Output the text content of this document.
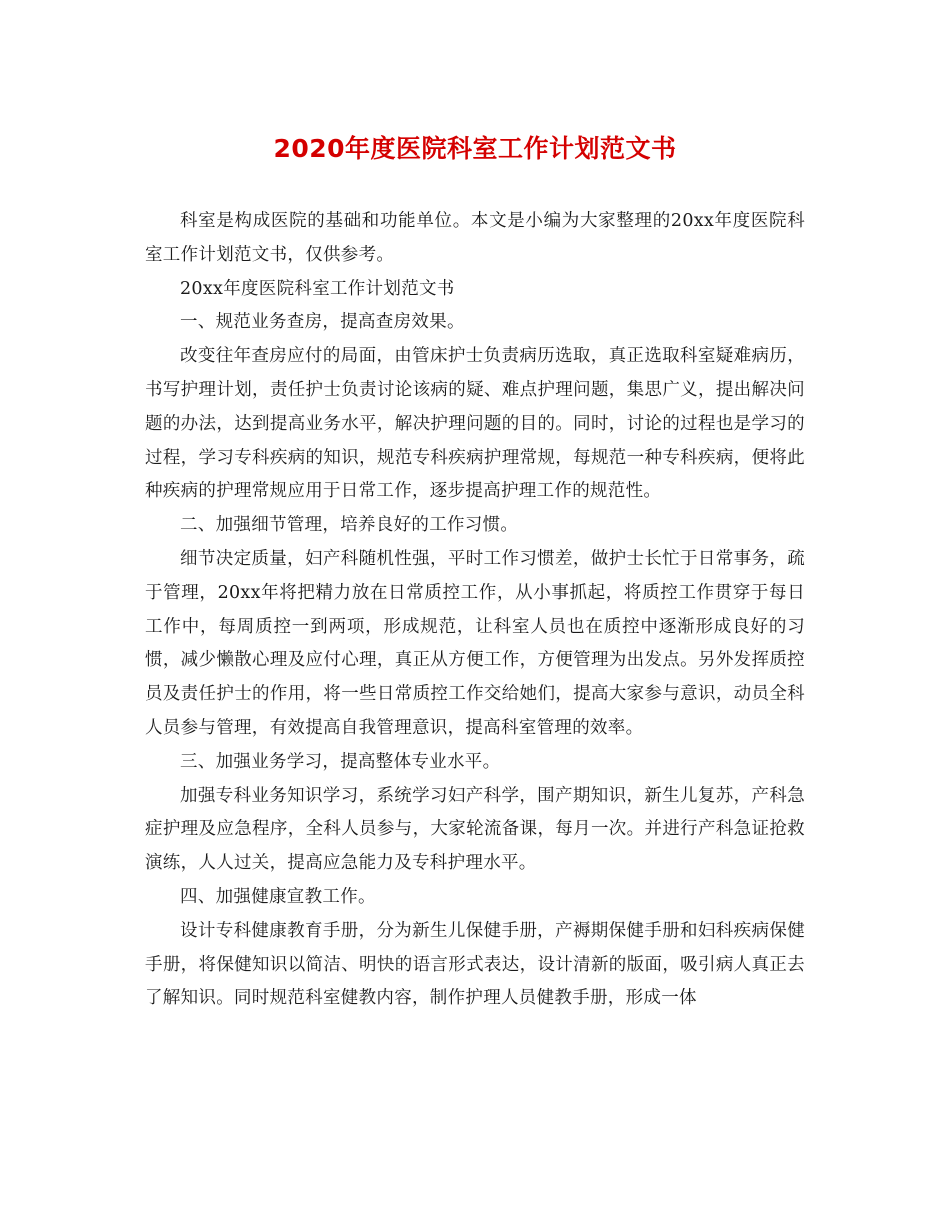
2020年度医院科室工作计划范文书

科室是构成医院的基础和功能单位。本文是小编为大家整理的20xx年度医院科室工作计划范文书，仅供参考。

20xx年度医院科室工作计划范文书

一、规范业务查房，提高查房效果。

改变往年查房应付的局面，由管床护士负责病历选取，真正选取科室疑难病历，书写护理计划，责任护士负责讨论该病的疑、难点护理问题，集思广义，提出解决问题的办法，达到提高业务水平，解决护理问题的目的。同时，讨论的过程也是学习的过程，学习专科疾病的知识，规范专科疾病护理常规，每规范一种专科疾病，便将此种疾病的护理常规应用于日常工作，逐步提高护理工作的规范性。

二、加强细节管理，培养良好的工作习惯。

细节决定质量，妇产科随机性强，平时工作习惯差，做护士长忙于日常事务，疏于管理，20xx年将把精力放在日常质控工作，从小事抓起，将质控工作贯穿于每日工作中，每周质控一到两项，形成规范，让科室人员也在质控中逐渐形成良好的习惯，减少懒散心理及应付心理，真正从方便工作，方便管理为出发点。另外发挥质控员及责任护士的作用，将一些日常质控工作交给她们，提高大家参与意识，动员全科人员参与管理，有效提高自我管理意识，提高科室管理的效率。

三、加强业务学习，提高整体专业水平。

加强专科业务知识学习，系统学习妇产科学，围产期知识，新生儿复苏，产科急症护理及应急程序，全科人员参与，大家轮流备课，每月一次。并进行产科急证抢救演练，人人过关，提高应急能力及专科护理水平。

四、加强健康宣教工作。

设计专科健康教育手册，分为新生儿保健手册，产褥期保健手册和妇科疾病保健手册，将保健知识以简洁、明快的语言形式表达，设计清新的版面，吸引病人真正去了解知识。同时规范科室健教内容，制作护理人员健教手册，形成一体
